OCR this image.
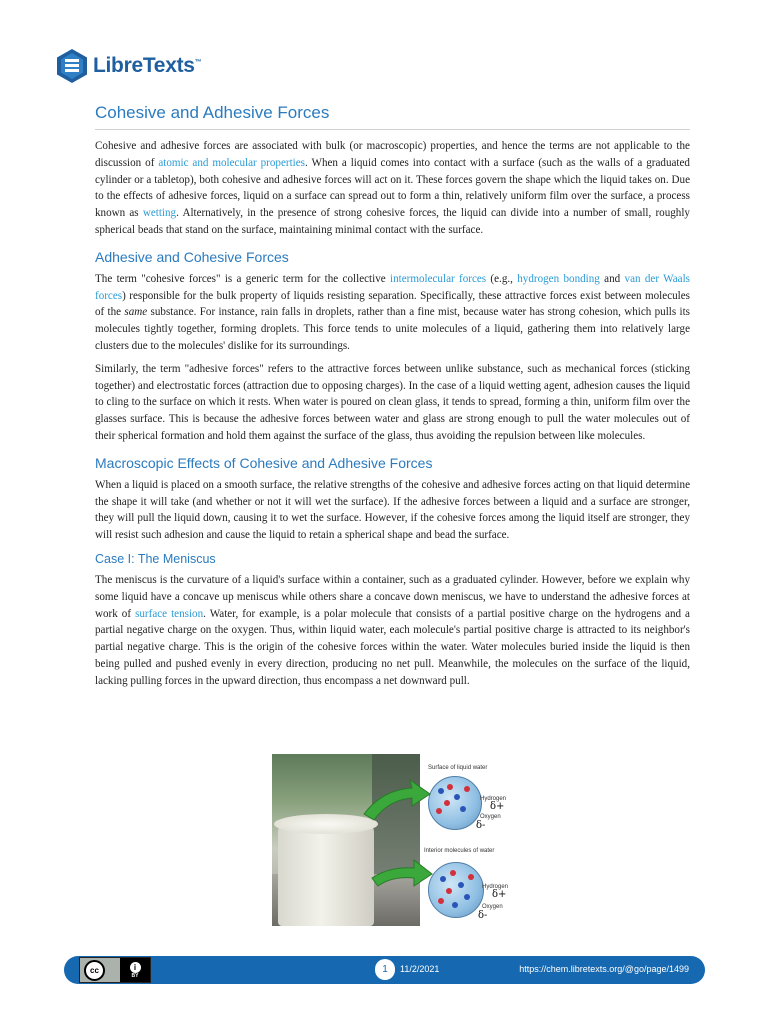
LibreTexts™
Cohesive and Adhesive Forces

Cohesive and adhesive forces are associated with bulk (or macroscopic) properties, and hence the terms are not applicable to the discussion of atomic and molecular properties. When a liquid comes into contact with a surface (such as the walls of a graduated cylinder or a tabletop), both cohesive and adhesive forces will act on it. These forces govern the shape which the liquid takes on. Due to the effects of adhesive forces, liquid on a surface can spread out to form a thin, relatively uniform film over the surface, a process known as wetting. Alternatively, in the presence of strong cohesive forces, the liquid can divide into a number of small, roughly spherical beads that stand on the surface, maintaining minimal contact with the surface.

Adhesive and Cohesive Forces

The term "cohesive forces" is a generic term for the collective intermolecular forces (e.g., hydrogen bonding and van der Waals forces) responsible for the bulk property of liquids resisting separation. Specifically, these attractive forces exist between molecules of the same substance. For instance, rain falls in droplets, rather than a fine mist, because water has strong cohesion, which pulls its molecules tightly together, forming droplets. This force tends to unite molecules of a liquid, gathering them into relatively large clusters due to the molecules' dislike for its surroundings.

Similarly, the term "adhesive forces" refers to the attractive forces between unlike substance, such as mechanical forces (sticking together) and electrostatic forces (attraction due to opposing charges). In the case of a liquid wetting agent, adhesion causes the liquid to cling to the surface on which it rests. When water is poured on clean glass, it tends to spread, forming a thin, uniform film over the glasses surface. This is because the adhesive forces between water and glass are strong enough to pull the water molecules out of their spherical formation and hold them against the surface of the glass, thus avoiding the repulsion between like molecules.

Macroscopic Effects of Cohesive and Adhesive Forces

When a liquid is placed on a smooth surface, the relative strengths of the cohesive and adhesive forces acting on that liquid determine the shape it will take (and whether or not it will wet the surface). If the adhesive forces between a liquid and a surface are stronger, they will pull the liquid down, causing it to wet the surface. However, if the cohesive forces among the liquid itself are stronger, they will resist such adhesion and cause the liquid to retain a spherical shape and bead the surface.

Case I: The Meniscus

The meniscus is the curvature of a liquid's surface within a container, such as a graduated cylinder. However, before we explain why some liquid have a concave up meniscus while others share a concave down meniscus, we have to understand the adhesive forces at work of surface tension. Water, for example, is a polar molecule that consists of a partial positive charge on the hydrogens and a partial negative charge on the oxygen. Thus, within liquid water, each molecule's partial positive charge is attracted to its neighbor's partial negative charge. This is the origin of the cohesive forces within the water. Water molecules buried inside the liquid is then being pulled and pushed evenly in every direction, producing no net pull. Meanwhile, the molecules on the surface of the liquid, lacking pulling forces in the upward direction, thus encompass a net downward pull.

Surface of liquid water
Hydrogen
δ+
Oxygen
δ-
Interior molecules of water
Hydrogen
δ+
Oxygen
δ-
cc	i
BY
1	11/2/2021	https://chem.libretexts.org/@go/page/1499
